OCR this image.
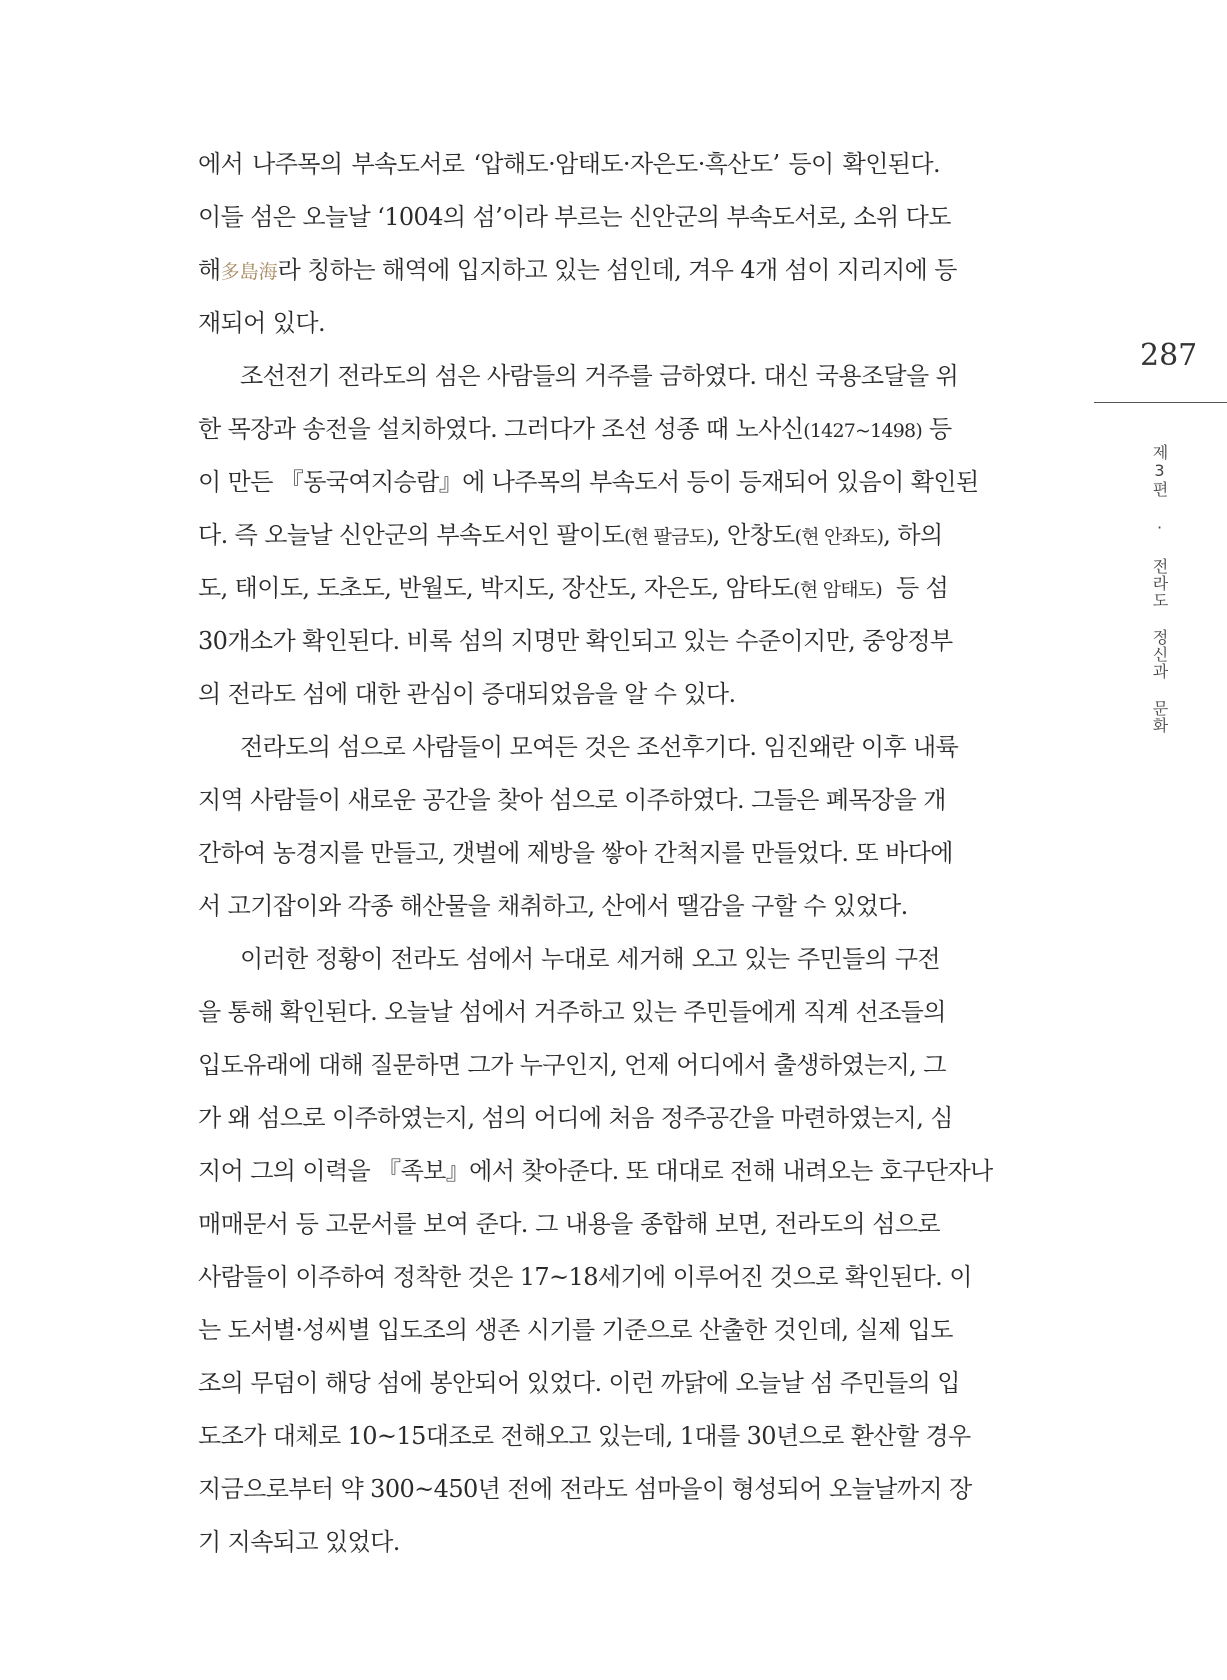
에서 나주목의 부속도서로 ‘압해도·암태도·자은도·흑산도’ 등이 확인된다.
이들 섬은 오늘날 ‘1004의 섬’이라 부르는 신안군의 부속도서로, 소위 다도
해多島海라 칭하는 해역에 입지하고 있는 섬인데, 겨우 4개 섬이 지리지에 등
재되어 있다.
조선전기 전라도의 섬은 사람들의 거주를 금하였다. 대신 국용조달을 위
한 목장과 송전을 설치하였다. 그러다가 조선 성종 때 노사신(1427~1498) 등
이 만든 『동국여지승람』에 나주목의 부속도서 등이 등재되어 있음이 확인된
다. 즉 오늘날 신안군의 부속도서인 팔이도(현 팔금도), 안창도(현 안좌도), 하의
도, 태이도, 도초도, 반월도, 박지도, 장산도, 자은도, 암타도(현 암태도)  등 섬
30개소가 확인된다. 비록 섬의 지명만 확인되고 있는 수준이지만, 중앙정부
의 전라도 섬에 대한 관심이 증대되었음을 알 수 있다.
전라도의 섬으로 사람들이 모여든 것은 조선후기다. 임진왜란 이후 내륙
지역 사람들이 새로운 공간을 찾아 섬으로 이주하였다. 그들은 폐목장을 개
간하여 농경지를 만들고, 갯벌에 제방을 쌓아 간척지를 만들었다. 또 바다에
서 고기잡이와 각종 해산물을 채취하고, 산에서 땔감을 구할 수 있었다.
이러한 정황이 전라도 섬에서 누대로 세거해 오고 있는 주민들의 구전
을 통해 확인된다. 오늘날 섬에서 거주하고 있는 주민들에게 직계 선조들의
입도유래에 대해 질문하면 그가 누구인지, 언제 어디에서 출생하였는지, 그
가 왜 섬으로 이주하였는지, 섬의 어디에 처음 정주공간을 마련하였는지, 심
지어 그의 이력을 『족보』에서 찾아준다. 또 대대로 전해 내려오는 호구단자나
매매문서 등 고문서를 보여 준다. 그 내용을 종합해 보면, 전라도의 섬으로
사람들이 이주하여 정착한 것은 17~18세기에 이루어진 것으로 확인된다. 이
는 도서별·성씨별 입도조의 생존 시기를 기준으로 산출한 것인데, 실제 입도
조의 무덤이 해당 섬에 봉안되어 있었다. 이런 까닭에 오늘날 섬 주민들의 입
도조가 대체로 10~15대조로 전해오고 있는데, 1대를 30년으로 환산할 경우
지금으로부터 약 300~450년 전에 전라도 섬마을이 형성되어 오늘날까지 장
기 지속되고 있었다.
287
제3편 · 전라도 정신과 문화
